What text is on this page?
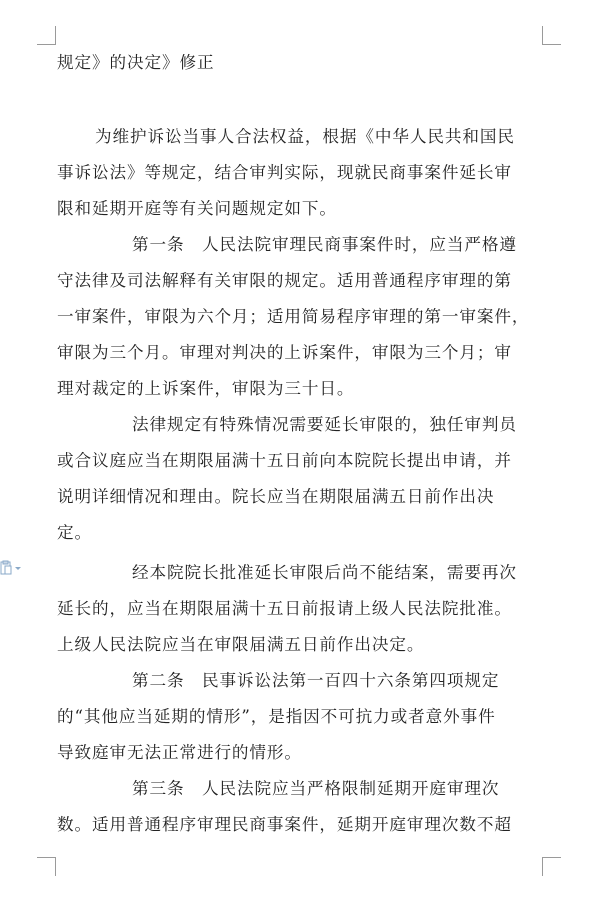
规定》的决定》修正
为维护诉讼当事人合法权益，根据《中华人民共和国民
事诉讼法》等规定，结合审判实际，现就民商事案件延长审
限和延期开庭等有关问题规定如下。
第一条　人民法院审理民商事案件时，应当严格遵
守法律及司法解释有关审限的规定。适用普通程序审理的第
一审案件，审限为六个月；适用简易程序审理的第一审案件，
审限为三个月。审理对判决的上诉案件，审限为三个月；审
理对裁定的上诉案件，审限为三十日。
法律规定有特殊情况需要延长审限的，独任审判员
或合议庭应当在期限届满十五日前向本院院长提出申请，并
说明详细情况和理由。院长应当在期限届满五日前作出决
定。
经本院院长批准延长审限后尚不能结案，需要再次
延长的，应当在期限届满十五日前报请上级人民法院批准。
上级人民法院应当在审限届满五日前作出决定。
第二条　民事诉讼法第一百四十六条第四项规定
的“其他应当延期的情形”，是指因不可抗力或者意外事件
导致庭审无法正常进行的情形。
第三条　人民法院应当严格限制延期开庭审理次
数。适用普通程序审理民商事案件，延期开庭审理次数不超
